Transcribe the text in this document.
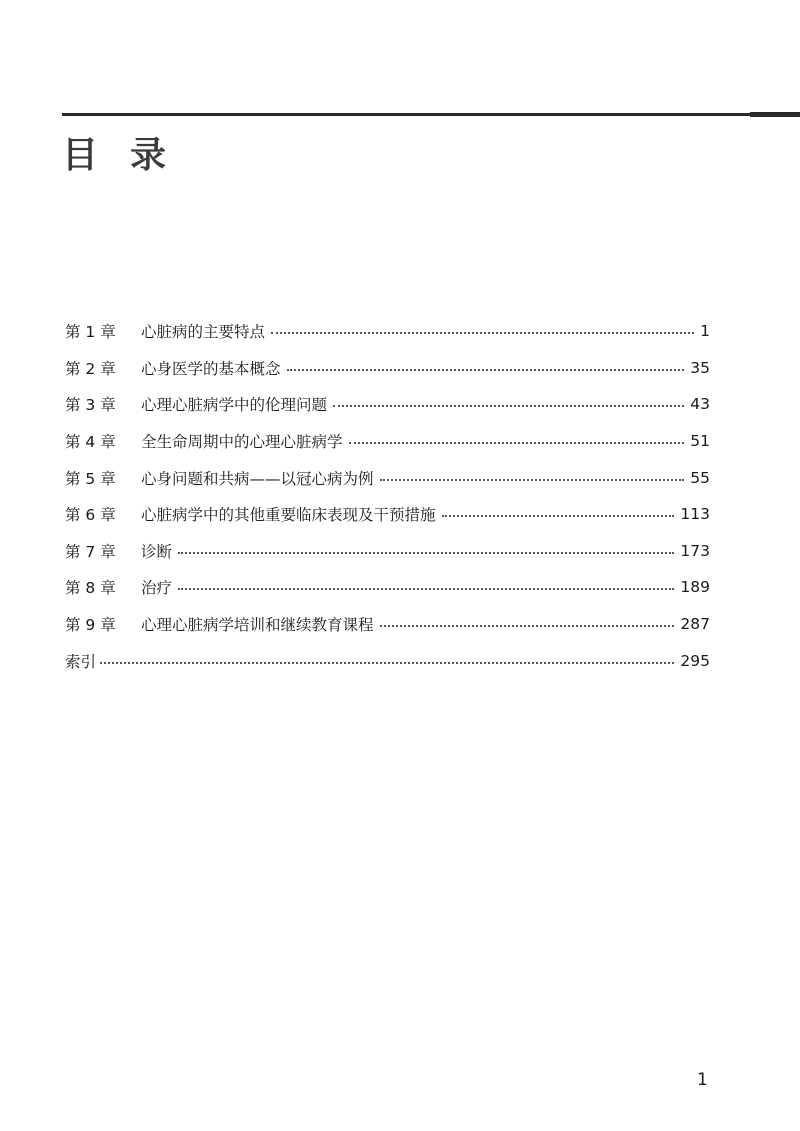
目 录
第 1 章	心脏病的主要特点	1
第 2 章	心身医学的基本概念	35
第 3 章	心理心脏病学中的伦理问题	43
第 4 章	全生命周期中的心理心脏病学	51
第 5 章	心身问题和共病——以冠心病为例	55
第 6 章	心脏病学中的其他重要临床表现及干预措施	113
第 7 章	诊断	173
第 8 章	治疗	189
第 9 章	心理心脏病学培训和继续教育课程	287
索引	295
1
